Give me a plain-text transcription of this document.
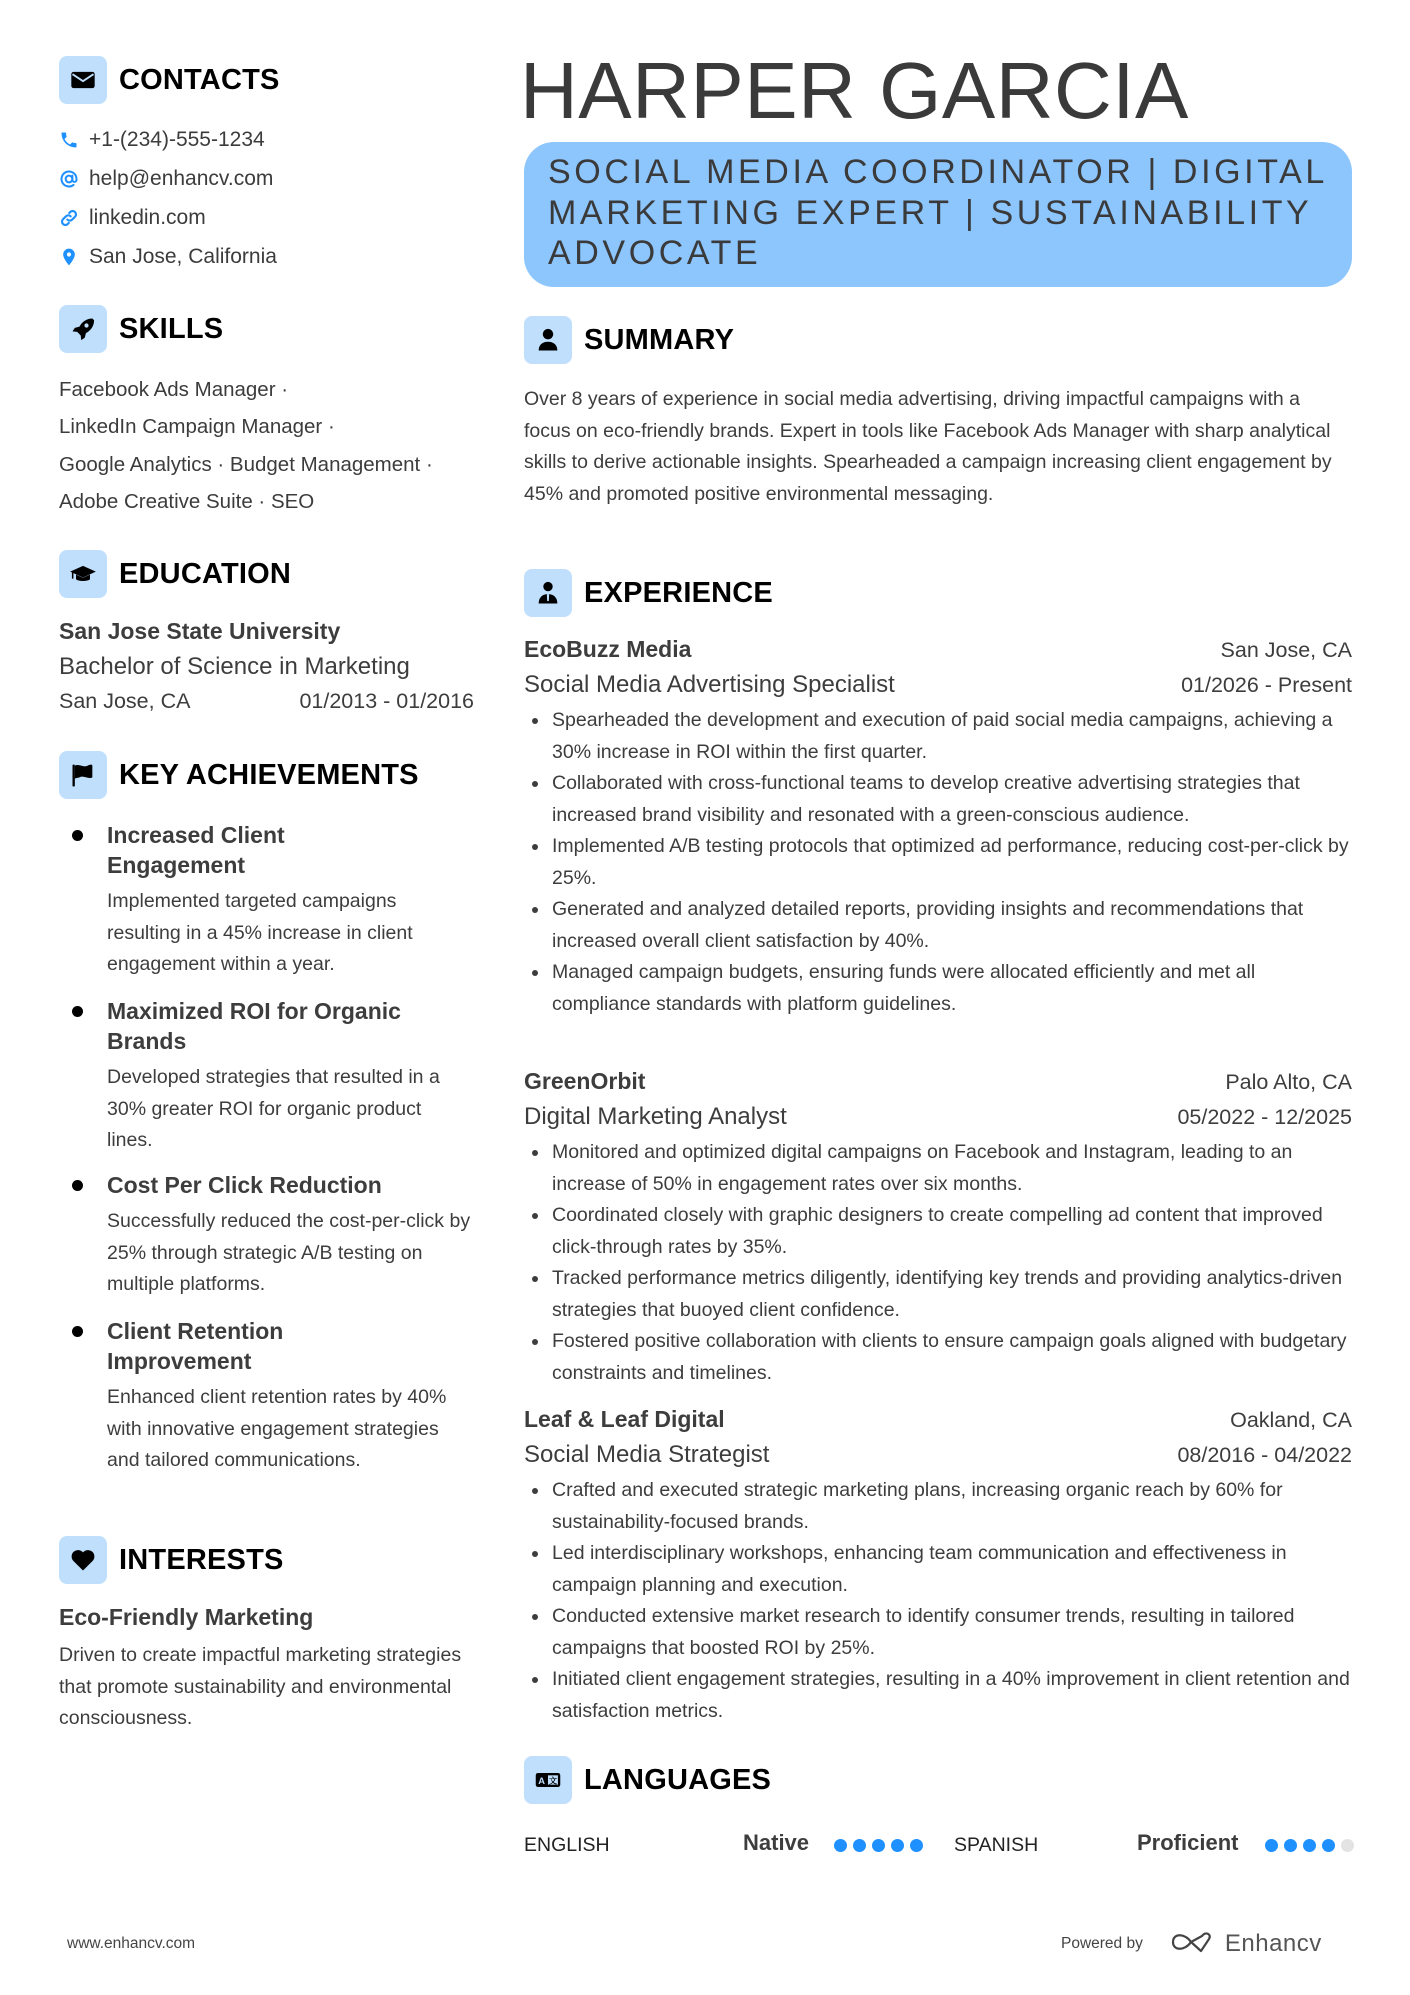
CONTACTS
+1-(234)-555-1234
help@enhancv.com
linkedin.com
San Jose, California
SKILLS
Facebook Ads Manager ·
LinkedIn Campaign Manager ·
Google Analytics · Budget Management ·
Adobe Creative Suite · SEO
EDUCATION
San Jose State University
Bachelor of Science in Marketing
San Jose, CA	01/2013 - 01/2016
KEY ACHIEVEMENTS
Increased Client Engagement
Implemented targeted campaigns resulting in a 45% increase in client engagement within a year.
Maximized ROI for Organic Brands
Developed strategies that resulted in a 30% greater ROI for organic product lines.
Cost Per Click Reduction
Successfully reduced the cost-per-click by 25% through strategic A/B testing on multiple platforms.
Client Retention Improvement
Enhanced client retention rates by 40% with innovative engagement strategies and tailored communications.
INTERESTS
Eco-Friendly Marketing
Driven to create impactful marketing strategies that promote sustainability and environmental consciousness.
HARPER GARCIA
SOCIAL MEDIA COORDINATOR | DIGITAL
MARKETING EXPERT | SUSTAINABILITY
ADVOCATE
SUMMARY
Over 8 years of experience in social media advertising, driving impactful campaigns with a focus on eco-friendly brands. Expert in tools like Facebook Ads Manager with sharp analytical skills to derive actionable insights. Spearheaded a campaign increasing client engagement by 45% and promoted positive environmental messaging.
EXPERIENCE
EcoBuzz Media	San Jose, CA
Social Media Advertising Specialist	01/2026 - Present
Spearheaded the development and execution of paid social media campaigns, achieving a 30% increase in ROI within the first quarter.
Collaborated with cross-functional teams to develop creative advertising strategies that increased brand visibility and resonated with a green-conscious audience.
Implemented A/B testing protocols that optimized ad performance, reducing cost-per-click by 25%.
Generated and analyzed detailed reports, providing insights and recommendations that increased overall client satisfaction by 40%.
Managed campaign budgets, ensuring funds were allocated efficiently and met all compliance standards with platform guidelines.
GreenOrbit	Palo Alto, CA
Digital Marketing Analyst	05/2022 - 12/2025
Monitored and optimized digital campaigns on Facebook and Instagram, leading to an increase of 50% in engagement rates over six months.
Coordinated closely with graphic designers to create compelling ad content that improved click-through rates by 35%.
Tracked performance metrics diligently, identifying key trends and providing analytics-driven strategies that buoyed client confidence.
Fostered positive collaboration with clients to ensure campaign goals aligned with budgetary constraints and timelines.
Leaf & Leaf Digital	Oakland, CA
Social Media Strategist	08/2016 - 04/2022
Crafted and executed strategic marketing plans, increasing organic reach by 60% for sustainability-focused brands.
Led interdisciplinary workshops, enhancing team communication and effectiveness in campaign planning and execution.
Conducted extensive market research to identify consumer trends, resulting in tailored campaigns that boosted ROI by 25%.
Initiated client engagement strategies, resulting in a 40% improvement in client retention and satisfaction metrics.
A 文 LANGUAGES
ENGLISH	Native	SPANISH	Proficient
www.enhancv.com	Powered by	Enhancv
